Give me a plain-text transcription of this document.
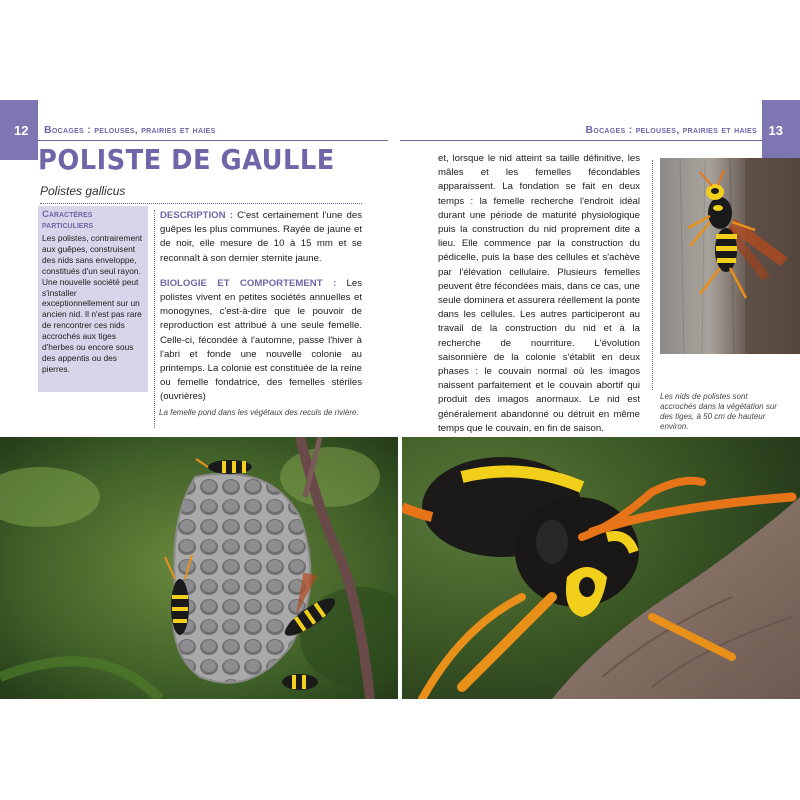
12	13
Bocages : pelouses, prairies et haies	Bocages : pelouses, prairies et haies
POLISTE DE GAULLE
Polistes gallicus
Caractères particuliers
Les polistes, contrairement aux guêpes, construisent des nids sans enveloppe, constitués d'un seul rayon. Une nouvelle société peut s'installer exceptionnellement sur un ancien nid. Il n'est pas rare de rencontrer ces nids accrochés aux tiges d'herbes ou encore sous des appentis ou des pierres.

DESCRIPTION : C'est certainement l'une des guêpes les plus communes. Rayée de jaune et de noir, elle mesure de 10 à 15 mm et se reconnaît à son dernier sternite jaune.

BIOLOGIE ET COMPORTEMENT : Les polistes vivent en petites sociétés annuelles et monogynes, c'est-à-dire que le pouvoir de reproduction est attribué à une seule femelle. Celle-ci, fécondée à l'automne, passe l'hiver à l'abri et fonde une nouvelle colonie au printemps. La colonie est constituée de la reine ou femelle fondatrice, des femelles stériles (ouvrières)

et, lorsque le nid atteint sa taille définitive, les mâles et les femelles fécondables apparaissent. La fondation se fait en deux temps : la femelle recherche l'endroit idéal durant une période de maturité physiologique puis la construction du nid proprement dite a lieu. Elle commence par la construction du pédicelle, puis la base des cellules et s'achève par l'élévation cellulaire. Plusieurs femelles peuvent être fécondées mais, dans ce cas, une seule dominera et assurera réellement la ponte dans les cellules. Les autres participeront au travail de la construction du nid et à la recherche de nourriture. L'évolution saisonnière de la colonie s'établit en deux phases : le couvain normal où les imagos naissent parfaitement et le couvain abortif qui produit des imagos anormaux. Le nid est généralement abandonné ou détruit en même temps que le couvain, en fin de saison.

La femelle pond dans les végétaux des reculs de rivière.
Les nids de polistes sont accrochés dans la végétation sur des tiges, à 50 cm de hauteur environ.
